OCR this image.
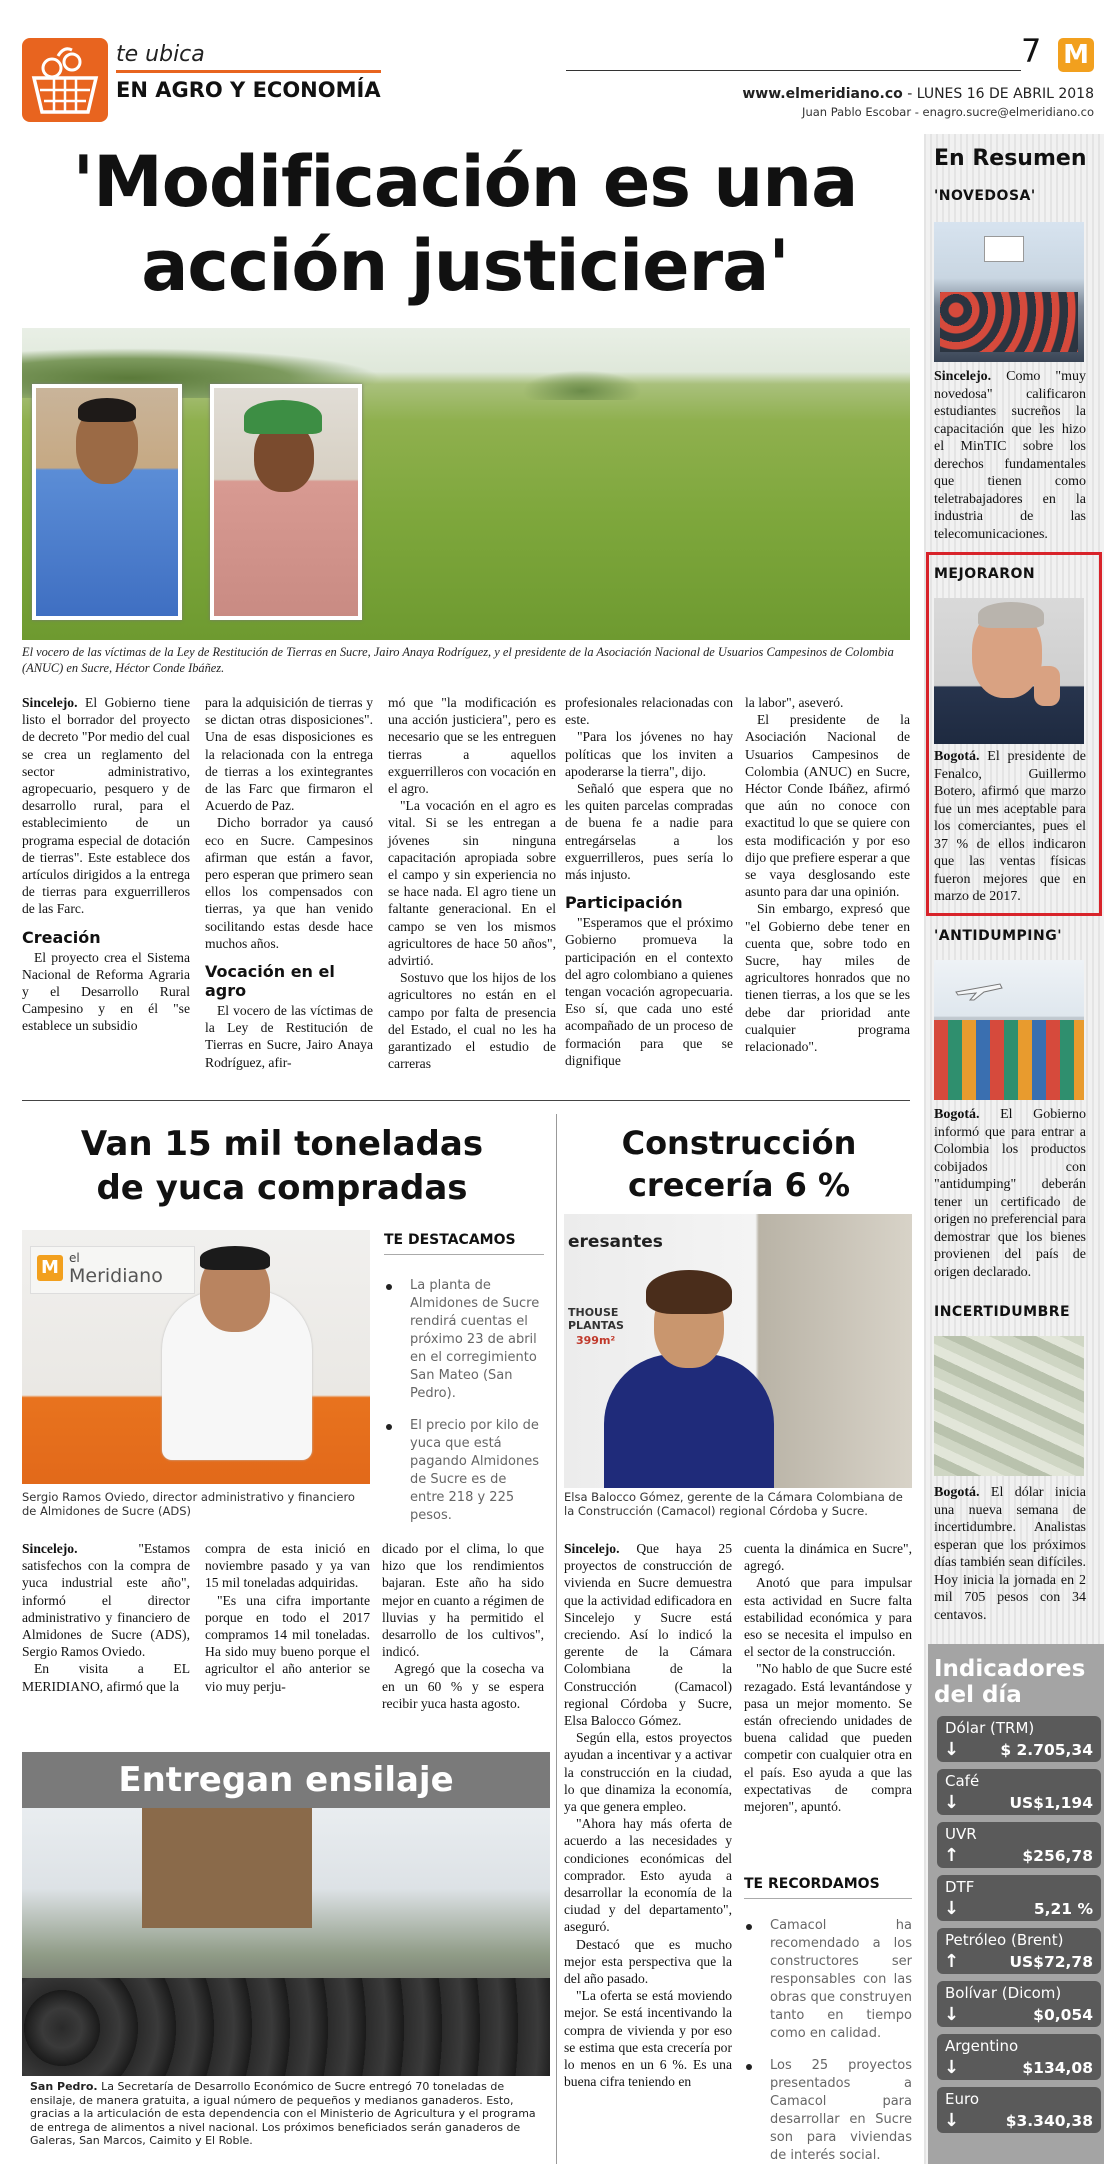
te ubica
EN AGRO Y ECONOMÍA
7 M
www.elmeridiano.co - LUNES 16 DE ABRIL 2018
Juan Pablo Escobar - enagro.sucre@elmeridiano.co
'Modificación es una
acción justiciera'
El vocero de las víctimas de la Ley de Restitución de Tierras en Sucre, Jairo Anaya Rodríguez, y el presidente de la Asociación Nacional de Usuarios Campesinos de Colombia (ANUC) en Sucre, Héctor Conde Ibáñez.

Sincelejo. El Gobierno tiene listo el borrador del proyecto de decreto "Por medio del cual se crea un reglamento del sector administrativo, agropecuario, pesquero y de desarrollo rural, para el establecimiento de un programa especial de dotación de tierras". Este establece dos artículos dirigidos a la entrega de tierras para exguerrilleros de las Farc.

Creación

El proyecto crea el Sistema Nacional de Reforma Agraria y el Desarrollo Rural Campesino y en él "se establece un subsidio

para la adquisición de tierras y se dictan otras disposiciones". Una de esas disposiciones es la relacionada con la entrega de tierras a los exintegrantes de las Farc que firmaron el Acuerdo de Paz.

Dicho borrador ya causó eco en Sucre. Campesinos afirman que están a favor, pero esperan que primero sean ellos los compensados con tierras, ya que han venido socilitando estas desde hace muchos años.

Vocación en el agro

El vocero de las víctimas de la Ley de Restitución de Tierras en Sucre, Jairo Anaya Rodríguez, afir-

mó que "la modificación es una acción justiciera", pero es necesario que se les entreguen tierras a aquellos exguerrilleros con vocación en el agro.

"La vocación en el agro es vital. Si se les entregan a jóvenes sin ninguna capacitación apropiada sobre el campo y sin experiencia no se hace nada. El agro tiene un faltante generacional. En el campo se ven los mismos agricultores de hace 50 años", advirtió.

Sostuvo que los hijos de los agricultores no están en el campo por falta de presencia del Estado, el cual no les ha garantizado el estudio de carreras

profesionales relacionadas con este.

"Para los jóvenes no hay políticas que los inviten a apoderarse la tierra", dijo.

Señaló que espera que no les quiten parcelas compradas de buena fe a nadie para entregárselas a los exguerrilleros, pues sería lo más injusto.

Participación

"Esperamos que el próximo Gobierno promueva la participación en el contexto del agro colombiano a quienes tengan vocación agropecuaria. Eso sí, que cada uno esté acompañado de un proceso de formación para que se dignifique

la labor", aseveró.

El presidente de la Asociación Nacional de Usuarios Campesinos de Colombia (ANUC) en Sucre, Héctor Conde Ibáñez, afirmó que aún no conoce con exactitud lo que se quiere con esta modificación y por eso dijo que prefiere esperar a que se vaya desglosando este asunto para dar una opinión.

Sin embargo, expresó que "el Gobierno debe tener en cuenta que, sobre todo en Sucre, hay miles de agricultores honrados que no tienen tierras, a los que se les debe dar prioridad ante cualquier programa relacionado".

Van 15 mil toneladas
de yuca compradas
M el
Meridiano
Sergio Ramos Oviedo, director administrativo y financiero de Almidones de Sucre (ADS)
TE DESTACAMOS
La planta de Almidones de Sucre rendirá cuentas el próximo 23 de abril en el corregimiento San Mateo (San Pedro).
El precio por kilo de yuca que está pagando Almidones de Sucre es de entre 218 y 225 pesos.

Sincelejo. "Estamos satisfechos con la compra de yuca industrial este año", informó el director administrativo y financiero de Almidones de Sucre (ADS), Sergio Ramos Oviedo.

En visita a EL MERIDIANO, afirmó que la

compra de esta inició en noviembre pasado y ya van 15 mil toneladas adquiridas.

"Es una cifra importante porque en todo el 2017 compramos 14 mil toneladas. Ha sido muy bueno porque el agricultor el año anterior se vio muy perju-

dicado por el clima, lo que hizo que los rendimientos bajaran. Este año ha sido mejor en cuanto a régimen de lluvias y ha permitido el desarrollo de los cultivos", indicó.

Agregó que la cosecha va en un 60 % y se espera recibir yuca hasta agosto.

Entregan ensilaje
San Pedro. La Secretaría de Desarrollo Económico de Sucre entregó 70 toneladas de ensilaje, de manera gratuita, a igual número de pequeños y medianos ganaderos. Esto, gracias a la articulación de esta dependencia con el Ministerio de Agricultura y el programa de entrega de alimentos a nivel nacional. Los próximos beneficiados serán ganaderos de Galeras, San Marcos, Caimito y El Roble.
Construcción
crecería 6 %
eresantes
THOUSE
PLANTAS
399m²
Elsa Balocco Gómez, gerente de la Cámara Colombiana de la Construcción (Camacol) regional Córdoba y Sucre.

Sincelejo. Que haya 25 proyectos de construcción de vivienda en Sucre demuestra que la actividad edificadora en Sincelejo y Sucre está creciendo. Así lo indicó la gerente de la Cámara Colombiana de la Construcción (Camacol) regional Córdoba y Sucre, Elsa Balocco Gómez.

Según ella, estos proyectos ayudan a incentivar y a activar la construcción en la ciudad, lo que dinamiza la economía, ya que genera empleo.

"Ahora hay más oferta de acuerdo a las necesidades y condiciones económicas del comprador. Esto ayuda a desarrollar la economía de la ciudad y del departamento", aseguró.

Destacó que es mucho mejor esta perspectiva que la del año pasado.

"La oferta se está moviendo mejor. Se está incentivando la compra de vivienda y por eso se estima que esta crecería por lo menos en un 6 %. Es una buena cifra teniendo en

cuenta la dinámica en Sucre", agregó.

Anotó que para impulsar esta actividad en Sucre falta estabilidad económica y para eso se necesita el impulso en el sector de la construcción.

"No hablo de que Sucre esté rezagado. Está levantándose y pasa un mejor momento. Se están ofreciendo unidades de buena calidad que pueden competir con cualquier otra en el país. Eso ayuda a que las expectativas de compra mejoren", apuntó.

TE RECORDAMOS
Camacol ha recomendado a los constructores ser responsables con las obras que construyen tanto en tiempo como en calidad.
Los 25 proyectos presentados a Camacol para desarrollar en Sucre son para viviendas de interés social.
En Resumen
'NOVEDOSA'

Sincelejo. Como "muy novedosa" calificaron estudiantes sucreños la capacitación que les hizo el MinTIC sobre los derechos fundamentales que tienen como teletrabajadores en la industria de las telecomunicaciones.

MEJORARON

Bogotá. El presidente de Fenalco, Guillermo Botero, afirmó que marzo fue un mes aceptable para los comerciantes, pues el 37 % de ellos indicaron que las ventas físicas fueron mejores que en marzo de 2017.

'ANTIDUMPING'

Bogotá. El Gobierno informó que para entrar a Colombia los productos cobijados con "antidumping" deberán tener un certificado de origen no preferencial para demostrar que los bienes provienen del país de origen declarado.

INCERTIDUMBRE

Bogotá. El dólar inicia una nueva semana de incertidumbre. Analistas esperan que los próximos días también sean difíciles. Hoy inicia la jornada en 2 mil 705 pesos con 34 centavos.

Indicadores
del día
Dólar (TRM)
↓	$ 2.705,34
Café
↓	US$1,194
UVR
↑	$256,78
DTF
↓	5,21 %
Petróleo (Brent)
↑	US$72,78
Bolívar (Dicom)
↓	$0,054
Argentino
↓	$134,08
Euro
↓	$3.340,38
